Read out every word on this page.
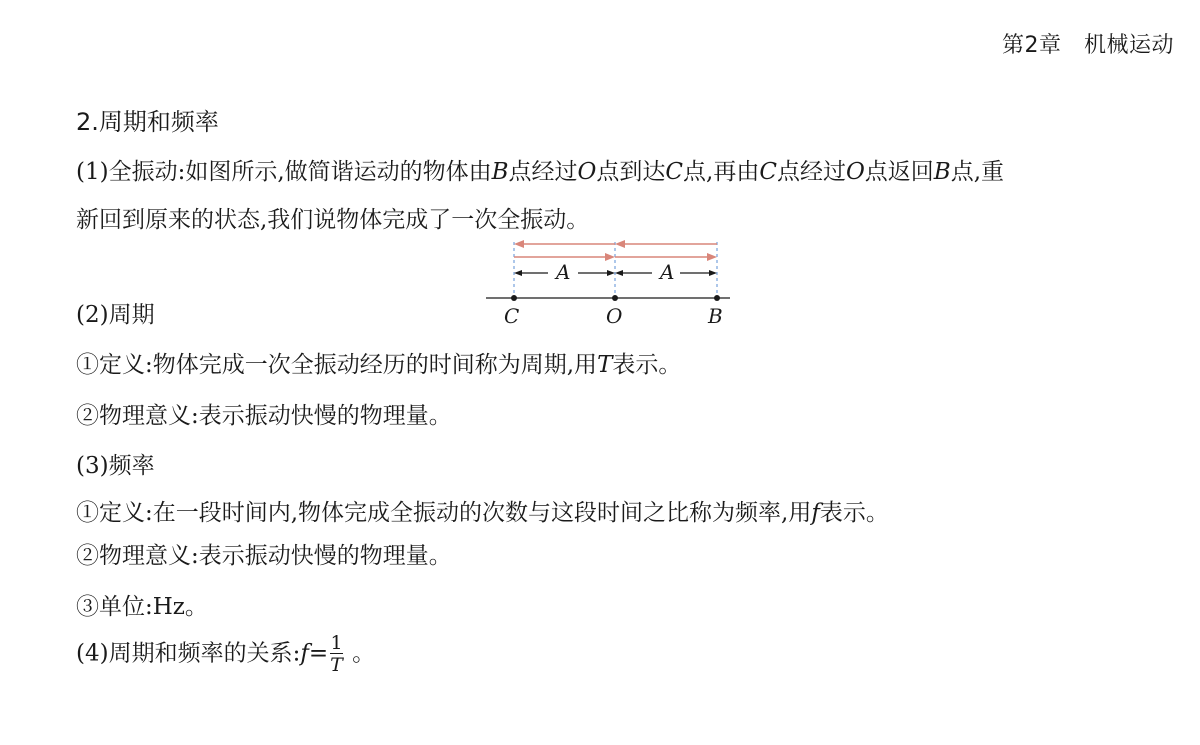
第2章　机械运动
2.周期和频率
(1)全振动:如图所示,做简谐运动的物体由B点经过O点到达C点,再由C点经过O点返回B点,重
新回到原来的状态,我们说物体完成了一次全振动。
A	A
C	O	B
(2)周期
①定义:物体完成一次全振动经历的时间称为周期,用T表示。
②物理意义:表示振动快慢的物理量。
(3)频率
①定义:在一段时间内,物体完成全振动的次数与这段时间之比称为频率,用f表示。
②物理意义:表示振动快慢的物理量。
③单位:Hz。
(4)周期和频率的关系:f= $\frac{1}{T}$ 。
